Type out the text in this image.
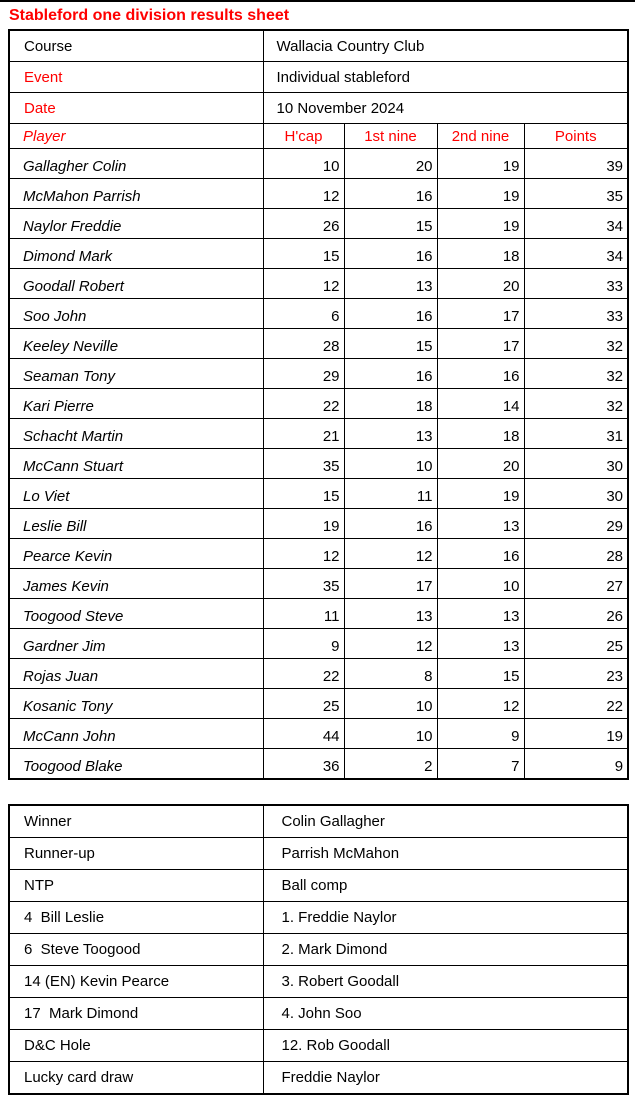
Stableford one division results sheet
Course	Wallacia Country Club			
Event	Individual stableford			
Date	10 November 2024			
Player	H'cap	1st nine	2nd nine	Points
Gallagher Colin	10	20	19	39
McMahon Parrish	12	16	19	35
Naylor Freddie	26	15	19	34
Dimond Mark	15	16	18	34
Goodall Robert	12	13	20	33
Soo John	6	16	17	33
Keeley Neville	28	15	17	32
Seaman Tony	29	16	16	32
Kari Pierre	22	18	14	32
Schacht Martin	21	13	18	31
McCann Stuart	35	10	20	30
Lo Viet	15	11	19	30
Leslie Bill	19	16	13	29
Pearce Kevin	12	12	16	28
James Kevin	35	17	10	27
Toogood Steve	11	13	13	26
Gardner Jim	9	12	13	25
Rojas Juan	22	8	15	23
Kosanic Tony	25	10	12	22
McCann John	44	10	9	19
Toogood Blake	36	2	7	9
Winner	Colin Gallagher
Runner-up	Parrish McMahon
NTP	Ball comp
4  Bill Leslie	1. Freddie Naylor
6  Steve Toogood	2. Mark Dimond
14 (EN) Kevin Pearce	3. Robert Goodall
17  Mark Dimond	4. John Soo
D&C Hole	12. Rob Goodall
Lucky card draw	Freddie Naylor
